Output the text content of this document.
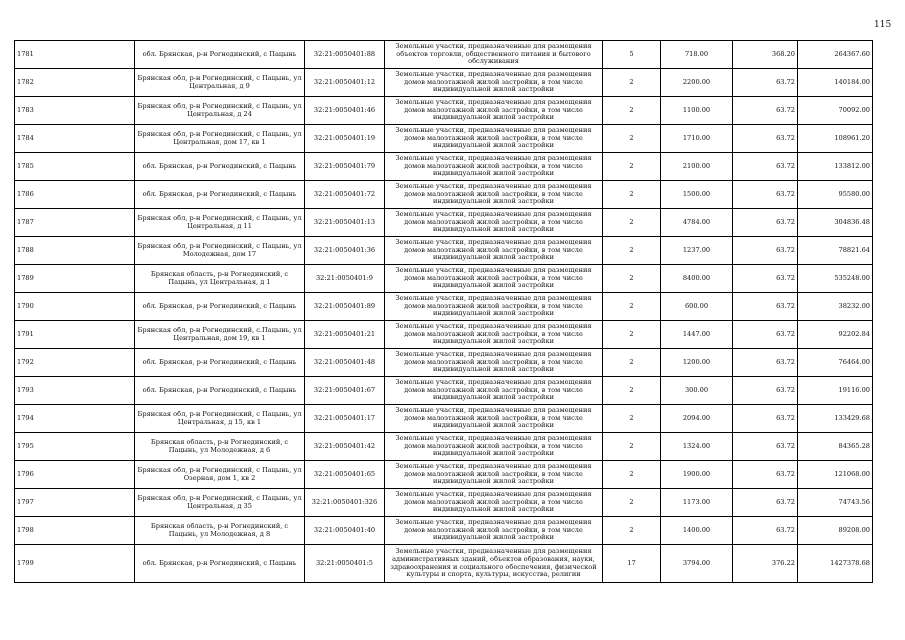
115
1781	обл. Брянская, р-н Рогнединский, с Пацынь	32:21:0050401:88	Земельные участки, предназначенные для размещения объектов торговли, общественного питания и бытового обслуживания	5	718.00	368.20	264367.60
1782	Брянская обл, р-н Рогнединский, с Пацынь, ул Центральная, д 9	32:21:0050401:12	Земельные участки, предназначенные для размещения домов малоэтажной жилой застройки, в том числе индивидуальной жилой застройки	2	2200.00	63.72	140184.00
1783	Брянская обл, р-н Рогнединский, с Пацынь, ул Центральная, д 24	32:21:0050401:46	Земельные участки, предназначенные для размещения домов малоэтажной жилой застройки, в том числе индивидуальной жилой застройки	2	1100.00	63.72	70092.00
1784	Брянская обл, р-н Рогнединский, с Пацынь, ул Центральная, дом 17, кв 1	32:21:0050401:19	Земельные участки, предназначенные для размещения домов малоэтажной жилой застройки, в том числе индивидуальной жилой застройки	2	1710.00	63.72	108961.20
1785	обл. Брянская, р-н Рогнединский, с Пацынь	32:21:0050401:79	Земельные участки, предназначенные для размещения домов малоэтажной жилой застройки, в том числе индивидуальной жилой застройки	2	2100.00	63.72	133812.00
1786	обл. Брянская, р-н Рогнединский, с Пацынь	32:21:0050401:72	Земельные участки, предназначенные для размещения домов малоэтажной жилой застройки, в том числе индивидуальной жилой застройки	2	1500.00	63.72	95580.00
1787	Брянская обл, р-н Рогнединский, с Пацынь, ул Центральная, д 11	32:21:0050401:13	Земельные участки, предназначенные для размещения домов малоэтажной жилой застройки, в том числе индивидуальной жилой застройки	2	4784.00	63.72	304836.48
1788	Брянская обл, р-н Рогнединский, с Пацынь, ул Молодежная, дом 17	32:21:0050401:36	Земельные участки, предназначенные для размещения домов малоэтажной жилой застройки, в том числе индивидуальной жилой застройки	2	1237.00	63.72	78821.64
1789	Брянская область, р-н Рогнединский, с Пацынь, ул Центральная, д 1	32:21:0050401:9	Земельные участки, предназначенные для размещения домов малоэтажной жилой застройки, в том числе индивидуальной жилой застройки	2	8400.00	63.72	535248.00
1790	обл. Брянская, р-н Рогнединский, с Пацынь	32:21:0050401:89	Земельные участки, предназначенные для размещения домов малоэтажной жилой застройки, в том числе индивидуальной жилой застройки	2	600.00	63.72	38232.00
1791	Брянская обл, р-н Рогнединский, с.Пацынь, ул Центральная, дом 19, кв 1	32:21:0050401:21	Земельные участки, предназначенные для размещения домов малоэтажной жилой застройки, в том числе индивидуальной жилой застройки	2	1447.00	63.72	92202.84
1792	обл. Брянская, р-н Рогнединский, с Пацынь	32:21:0050401:48	Земельные участки, предназначенные для размещения домов малоэтажной жилой застройки, в том числе индивидуальной жилой застройки	2	1200.00	63.72	76464.00
1793	обл. Брянская, р-н Рогнединский, с Пацынь	32:21:0050401:67	Земельные участки, предназначенные для размещения домов малоэтажной жилой застройки, в том числе индивидуальной жилой застройки	2	300.00	63.72	19116.00
1794	Брянская обл, р-н Рогнединский, с Пацынь, ул Центральная, д 15, кв 1	32:21:0050401:17	Земельные участки, предназначенные для размещения домов малоэтажной жилой застройки, в том числе индивидуальной жилой застройки	2	2094.00	63.72	133429.68
1795	Брянская область, р-н Рогнединский, с Пацынь, ул Молодежная, д 6	32:21:0050401:42	Земельные участки, предназначенные для размещения домов малоэтажной жилой застройки, в том числе индивидуальной жилой застройки	2	1324.00	63.72	84365.28
1796	Брянская обл, р-н Рогнединский, с Пацынь, ул Озерная, дом 1, кв 2	32:21:0050401:65	Земельные участки, предназначенные для размещения домов малоэтажной жилой застройки, в том числе индивидуальной жилой застройки	2	1900.00	63.72	121068.00
1797	Брянская обл, р-н Рогнединский, с Пацынь, ул Центральная, д 35	32:21:0050401:326	Земельные участки, предназначенные для размещения домов малоэтажной жилой застройки, в том числе индивидуальной жилой застройки	2	1173.00	63.72	74743.56
1798	Брянская область, р-н Рогнединский, с Пацынь, ул Молодежная, д 8	32:21:0050401:40	Земельные участки, предназначенные для размещения домов малоэтажной жилой застройки, в том числе индивидуальной жилой застройки	2	1400.00	63.72	89208.00
1799	обл. Брянская, р-н Рогнединский, с Пацынь	32:21:0050401:5	Земельные участки, предназначенные для размещения административных зданий, объектов образования, науки, здравоохранения и социального обеспечения, физической культуры и спорта, культуры, искусства, религии	17	3794.00	376.22	1427378.68
